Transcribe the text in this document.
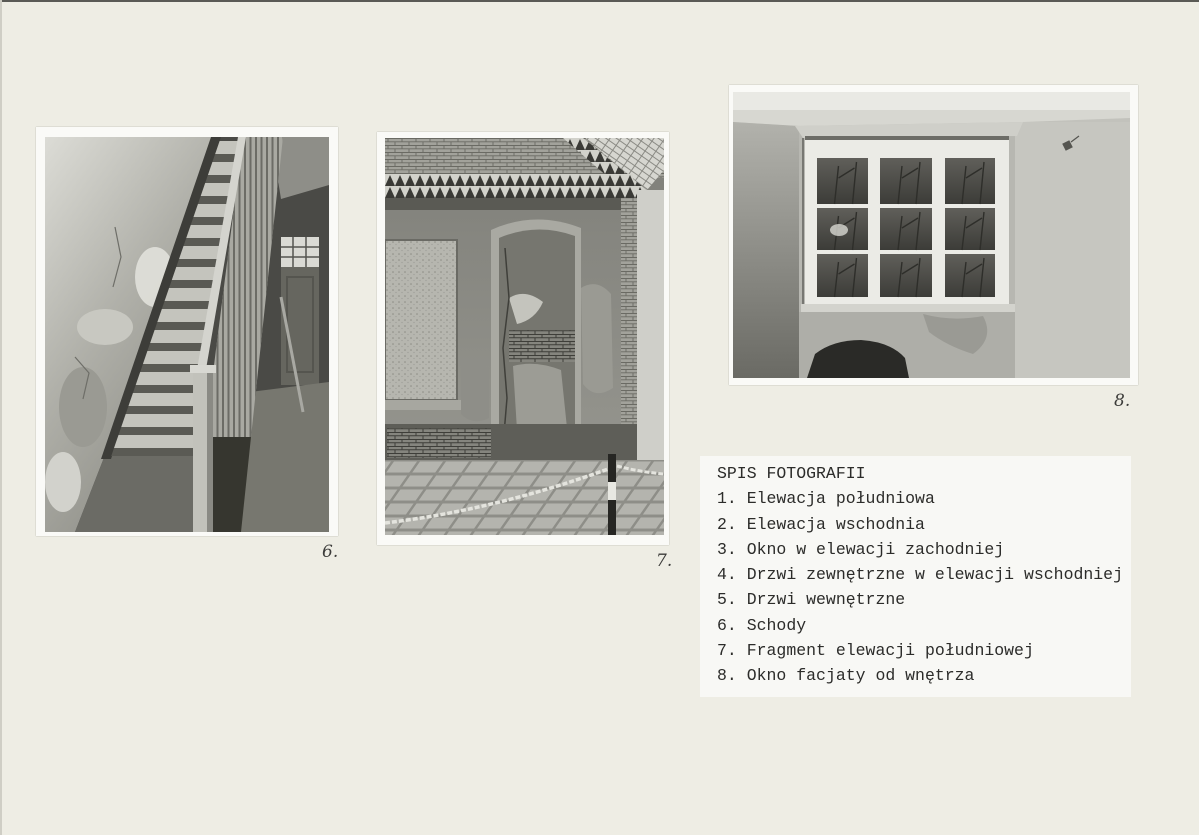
6.	7.
8.
SPIS FOTOGRAFII
1. Elewacja południowa
2. Elewacja wschodnia
3. Okno w elewacji zachodniej
4. Drzwi zewnętrzne w elewacji wschodniej
5. Drzwi wewnętrzne
6. Schody
7. Fragment elewacji południowej
8. Okno facjaty od wnętrza
